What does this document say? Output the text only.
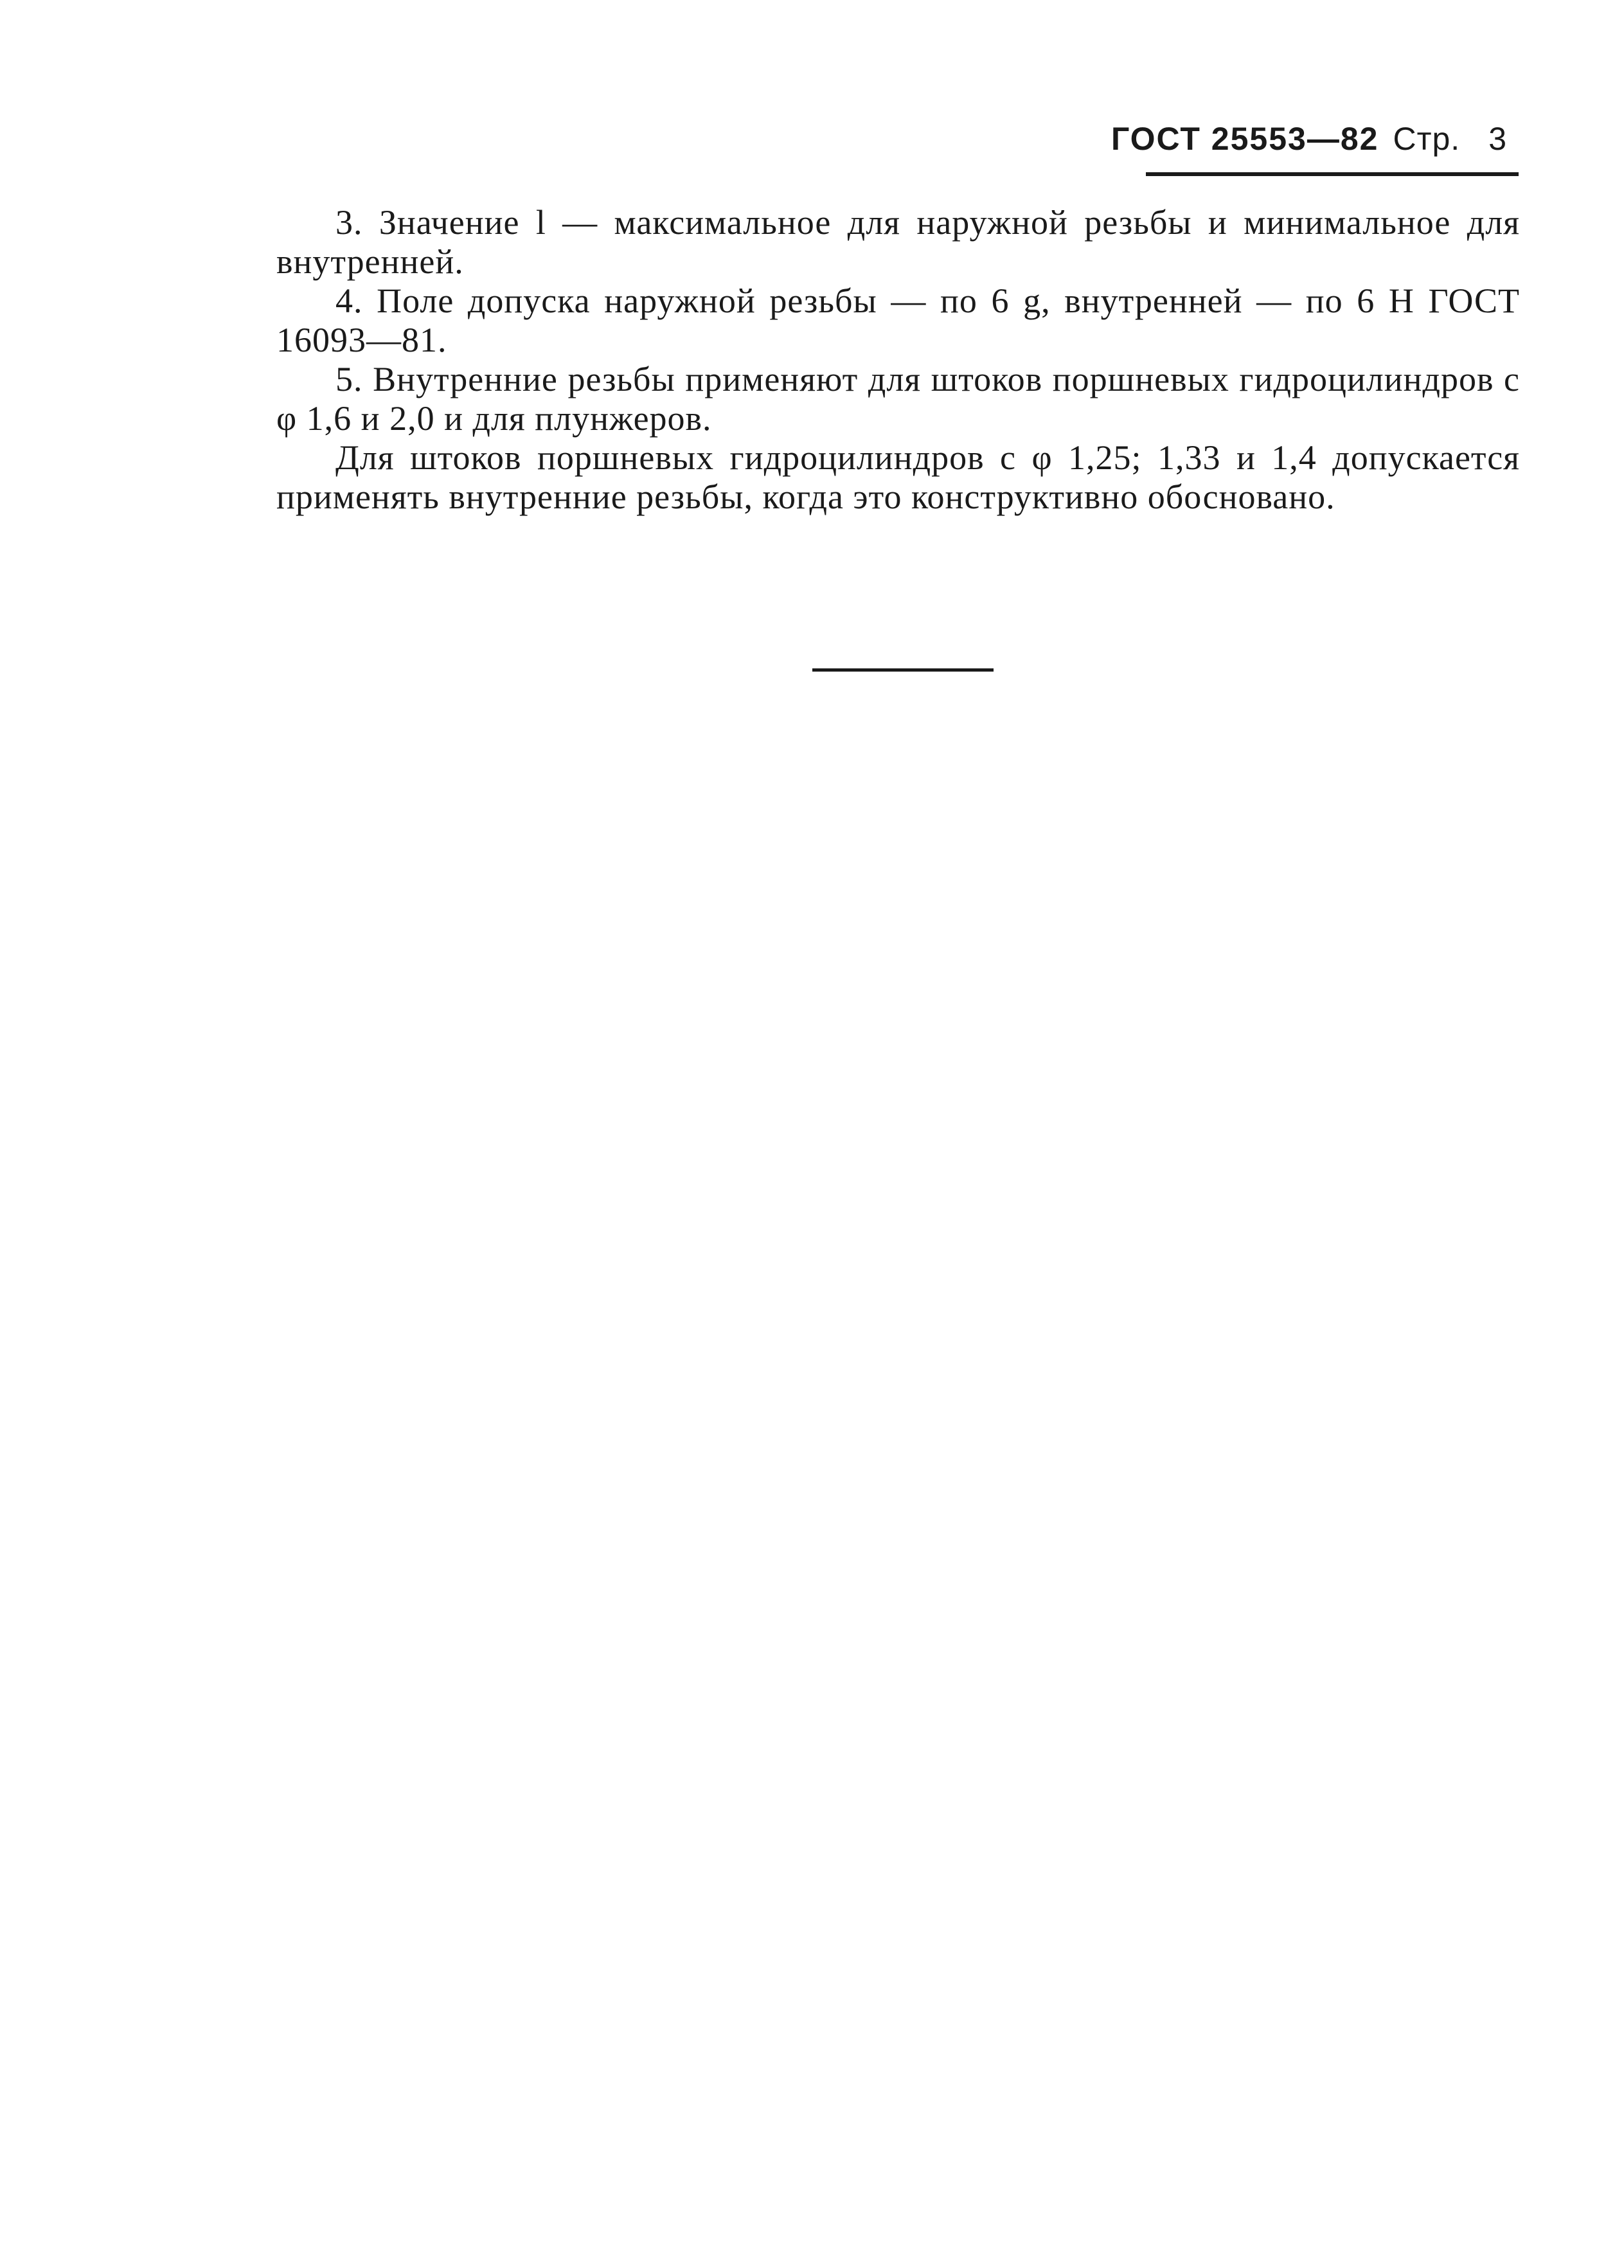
ГОСТ 25553—82 Стр. 3

3. Значение l — максимальное для наружной резьбы и минимальное для внутренней.

4. Поле допуска наружной резьбы — по 6 g, внутренней — по 6 H ГОСТ 16093—81.

5. Внутренние резьбы применяют для штоков поршневых гидроцилиндров с φ 1,6 и 2,0 и для плунжеров.

Для штоков поршневых гидроцилиндров с φ 1,25; 1,33 и 1,4 допускается применять внутренние резьбы, когда это конструктивно обосновано.
